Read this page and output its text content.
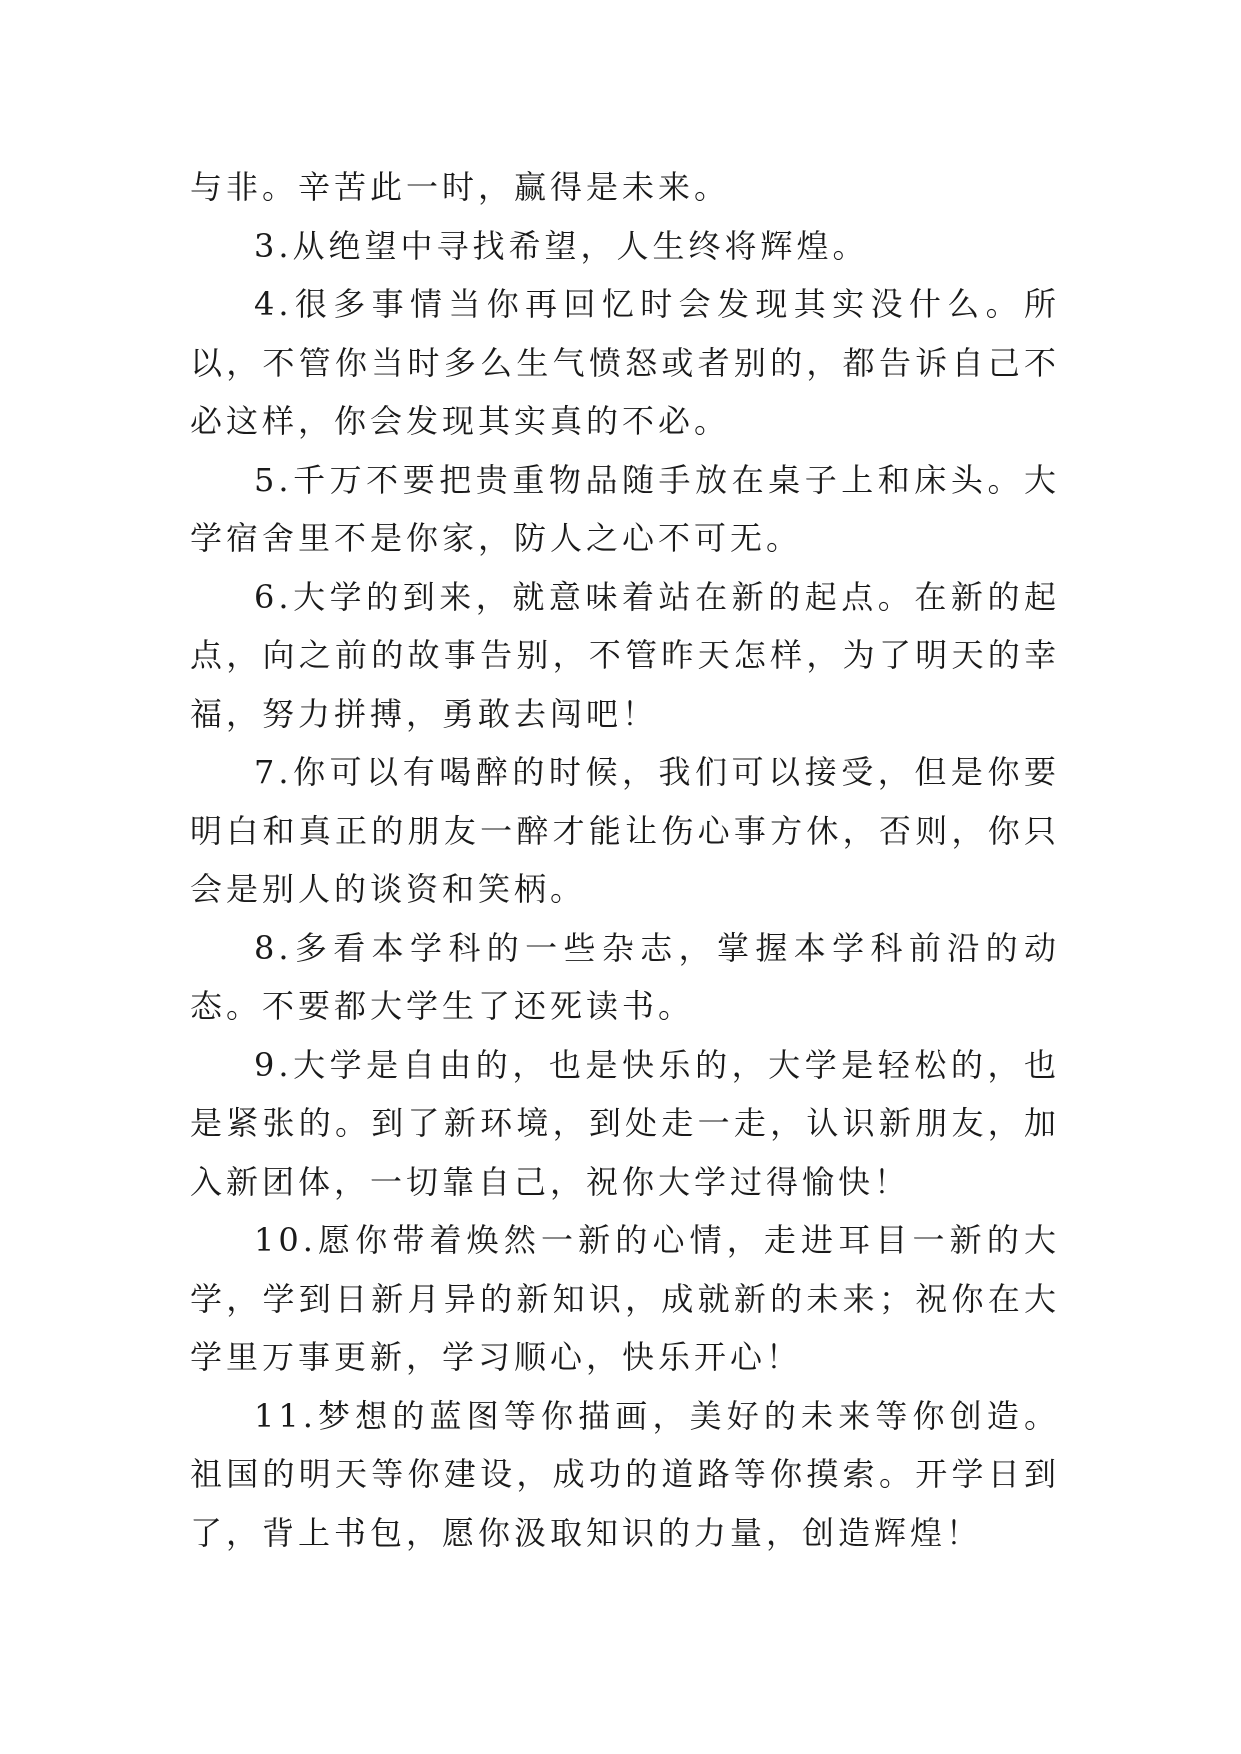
与非。辛苦此一时，赢得是未来。

3.从绝望中寻找希望，人生终将辉煌。

4.很多事情当你再回忆时会发现其实没什么。所以，不管你当时多么生气愤怒或者别的，都告诉自己不必这样，你会发现其实真的不必。

5.千万不要把贵重物品随手放在桌子上和床头。大学宿舍里不是你家，防人之心不可无。

6.大学的到来，就意味着站在新的起点。在新的起点，向之前的故事告别，不管昨天怎样，为了明天的幸福，努力拼搏，勇敢去闯吧！

7.你可以有喝醉的时候，我们可以接受，但是你要明白和真正的朋友一醉才能让伤心事方休，否则，你只会是别人的谈资和笑柄。

8.多看本学科的一些杂志，掌握本学科前沿的动态。不要都大学生了还死读书。

9.大学是自由的，也是快乐的，大学是轻松的，也是紧张的。到了新环境，到处走一走，认识新朋友，加入新团体，一切靠自己，祝你大学过得愉快！

10.愿你带着焕然一新的心情，走进耳目一新的大学，学到日新月异的新知识，成就新的未来；祝你在大学里万事更新，学习顺心，快乐开心！

11.梦想的蓝图等你描画，美好的未来等你创造。祖国的明天等你建设，成功的道路等你摸索。开学日到了，背上书包，愿你汲取知识的力量，创造辉煌！
